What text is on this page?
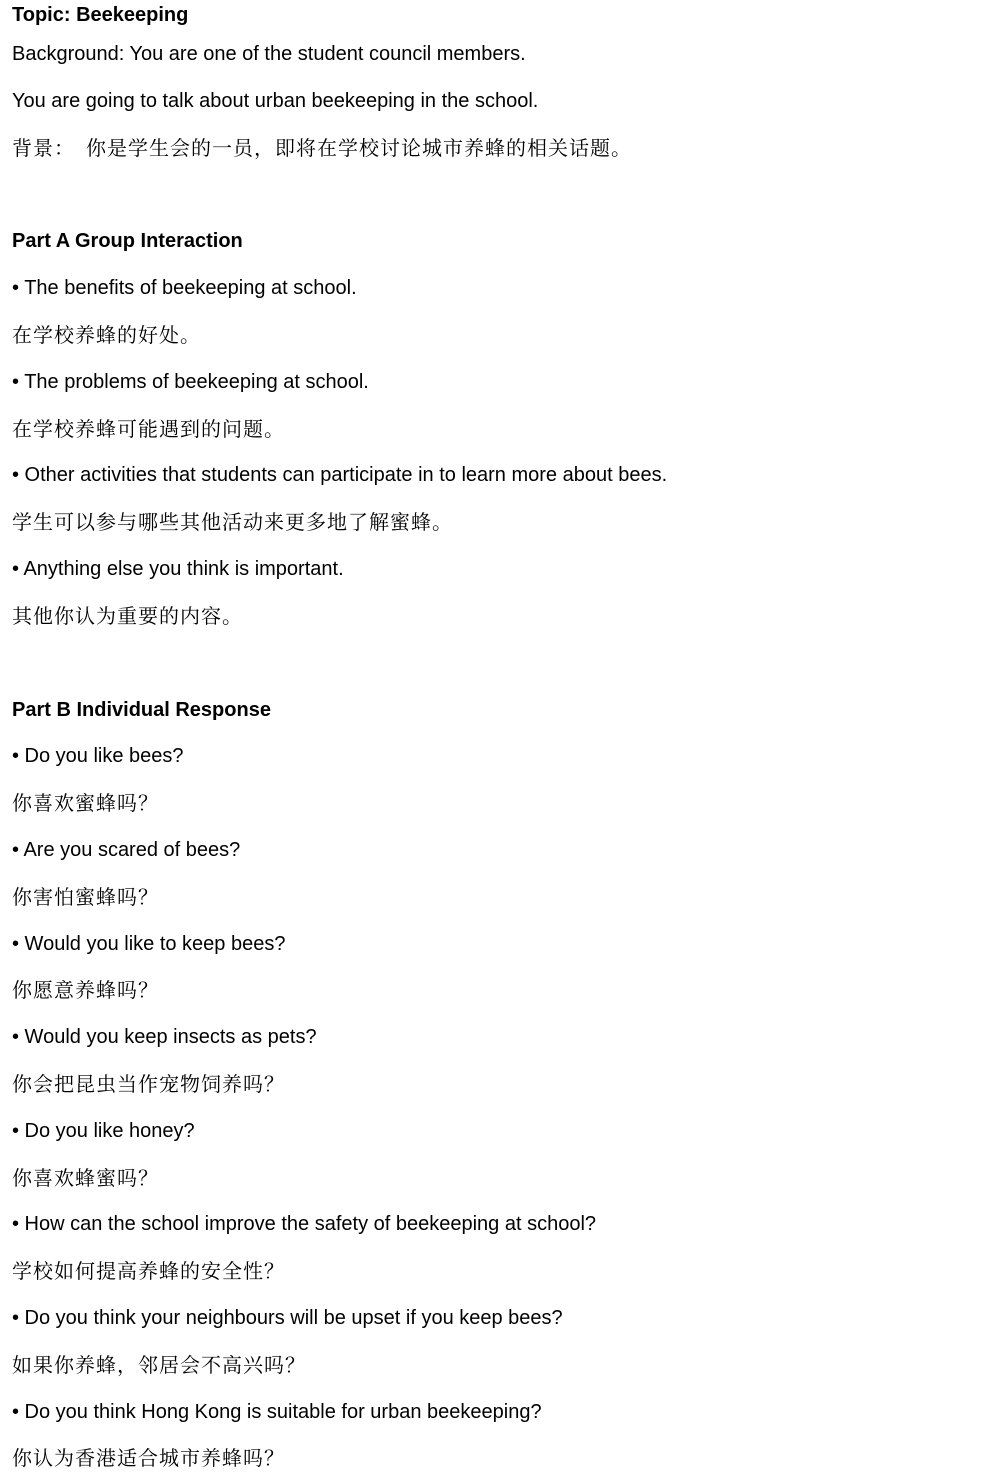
Topic: Beekeeping
Background: You are one of the student council members.
You are going to talk about urban beekeeping in the school.
背景：　你是学生会的一员，即将在学校讨论城市养蜂的相关话题。
Part A Group Interaction
• The benefits of beekeeping at school.
在学校养蜂的好处。
• The problems of beekeeping at school.
在学校养蜂可能遇到的问题。
• Other activities that students can participate in to learn more about bees.
学生可以参与哪些其他活动来更多地了解蜜蜂。
• Anything else you think is important.
其他你认为重要的内容。
Part B Individual Response
• Do you like bees?
你喜欢蜜蜂吗？
• Are you scared of bees?
你害怕蜜蜂吗？
• Would you like to keep bees?
你愿意养蜂吗？
• Would you keep insects as pets?
你会把昆虫当作宠物饲养吗？
• Do you like honey?
你喜欢蜂蜜吗？
• How can the school improve the safety of beekeeping at school?
学校如何提高养蜂的安全性？
• Do you think your neighbours will be upset if you keep bees?
如果你养蜂，邻居会不高兴吗？
• Do you think Hong Kong is suitable for urban beekeeping?
你认为香港适合城市养蜂吗？
